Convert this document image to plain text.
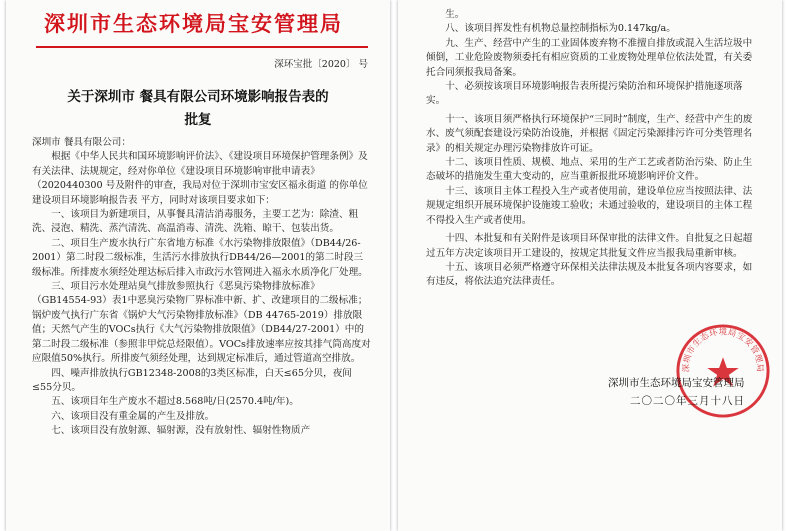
深圳市生态环境局宝安管理局
深环宝批〔2020〕 号
关于深圳市 餐具有限公司环境影响报告表的
批复

深圳市 餐具有限公司：

根据《中华人民共和国环境影响评价法》、《建设项目环境保护管理条例》及有关法律、法规规定，经对你单位《建设项目环境影响审批申请表》（2020440300 号及附件的审查，我局对位于深圳市宝安区福永街道 的你单位建设项目环境影响报告表 平方，同时对该项目要求如下：

一、该项目为新建项目，从事餐具清洁消毒服务，主要工艺为：除渣、粗洗、浸泡、精洗、蒸汽清洗、高温消毒、清洗、洗箱、晾干、包装出货。

二、项目生产废水执行广东省地方标准《水污染物排放限值》（DB44/26-2001）第二时段二级标准，生活污水排放执行DB44/26—2001的第二时段三级标准。所排废水须经处理达标后排入市政污水管网进入福永水质净化厂处理。

三、项目污水处理站臭气排放参照执行《恶臭污染物排放标准》（GB14554-93）表1中恶臭污染物厂界标准中新、扩、改建项目的二级标准；锅炉废气执行广东省《锅炉大气污染物排放标准》（DB 44765-2019）排放限值；天然气产生的VOCs执行《大气污染物排放限值》（DB44/27-2001）中的第二时段二级标准（参照非甲烷总烃限值）。VOCs排放速率应按其排气筒高度对应限值50%执行。所排废气须经处理，达到规定标准后，通过管道高空排放。

四、噪声排放执行GB12348-2008的3类区标准，白天≤65分贝，夜间≤55分贝。

五、该项目年生产废水不超过8.568吨/日(2570.4吨/年)。

六、该项目没有重金属的产生及排放。

七、该项目没有放射源、辐射源，没有放射性、辐射性物质产

生。

八、该项目挥发性有机物总量控制指标为0.147kg/a。

九、生产、经营中产生的工业固体废弃物不准擅自排放或混入生活垃圾中倾倒，工业危险废物须委托有相应资质的工业废物处理单位依法处置，有关委托合同须报我局备案。

十、必须按该项目环境影响报告表所提污染防治和环境保护措施逐项落实。

十一、该项目须严格执行环境保护“三同时”制度，生产、经营中产生的废水、废气须配套建设污染防治设施，并根据《固定污染源排污许可分类管理名录》的相关规定办理污染物排放许可证。

十二、该项目性质、规模、地点、采用的生产工艺或者防治污染、防止生态破坏的措施发生重大变动的，应当重新报批环境影响评价文件。

十三、该项目主体工程投入生产或者使用前，建设单位应当按照法律、法规规定组织开展环境保护设施竣工验收；未通过验收的，建设项目的主体工程不得投入生产或者使用。

十四、本批复和有关附件是该项目环保审批的法律文件。自批复之日起超过五年方决定该项目开工建设的，按规定其批复文件应当报我局重新审核。

十五、该项目必须严格遵守环保相关法律法规及本批复各项内容要求，如有违反，将依法追究法律责任。

深圳市生态环境局宝安管理局
深圳市生态环境局宝安管理局
二〇二〇年三月十八日
